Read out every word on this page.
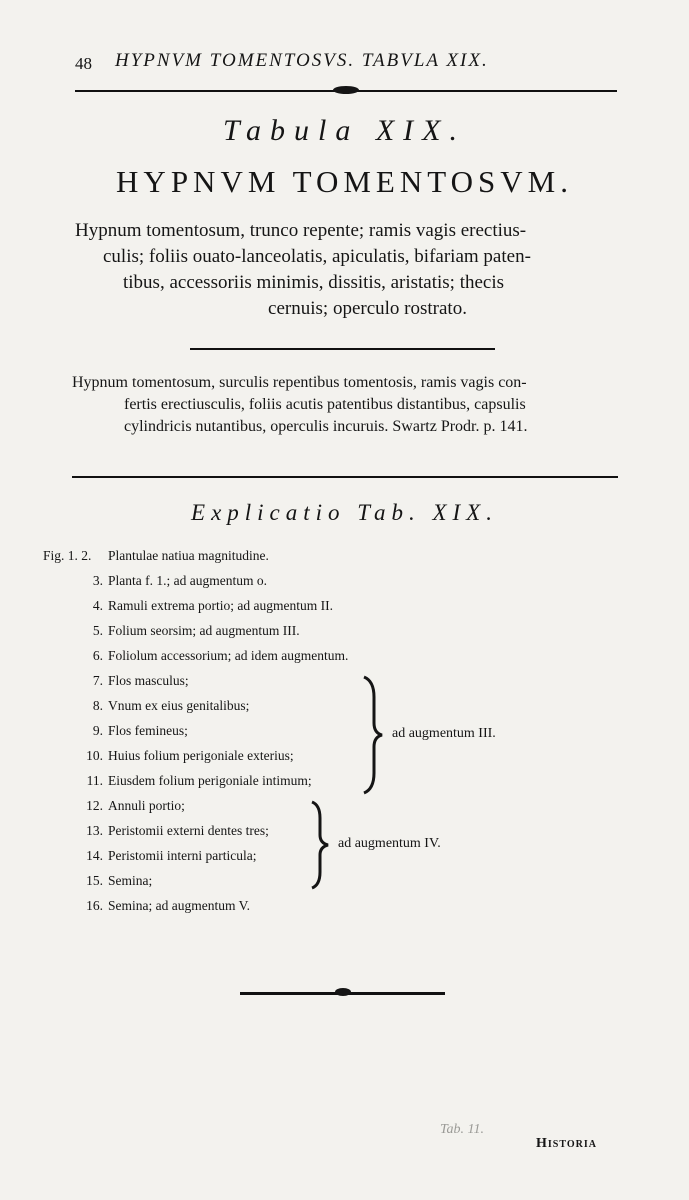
48 HYPNVM TOMENTOSVS. TABVLA XIX.
Tabula XIX.
HYPNVM TOMENTOSVM.
Hypnum tomentosum, trunco repente; ramis vagis erectius-
culis; foliis ouato-lanceolatis, apiculatis, bifariam paten-
tibus, accessoriis minimis, dissitis, aristatis; thecis
cernuis; operculo rostrato.
Hypnum tomentosum, surculis repentibus tomentosis, ramis vagis con-
fertis erectiusculis, foliis acutis patentibus distantibus, capsulis
cylindricis nutantibus, operculis incuruis. Swartz Prodr. p. 141.
Explicatio Tab. XIX.
Fig. 1. 2. Plantulae natiua magnitudine.
3. Planta f. 1.; ad augmentum o.
4. Ramuli extrema portio; ad augmentum II.
5. Folium seorsim; ad augmentum III.
6. Foliolum accessorium; ad idem augmentum.
7. Flos masculus;
8. Vnum ex eius genitalibus;
9. Flos femineus;
10. Huius folium perigoniale exterius;
11. Eiusdem folium perigoniale intimum;
12. Annuli portio;
13. Peristomii externi dentes tres;
14. Peristomii interni particula;
15. Semina;
16. Semina; ad augmentum V.
ad augmentum III.
ad augmentum IV.
Tab. 11.
Historia
